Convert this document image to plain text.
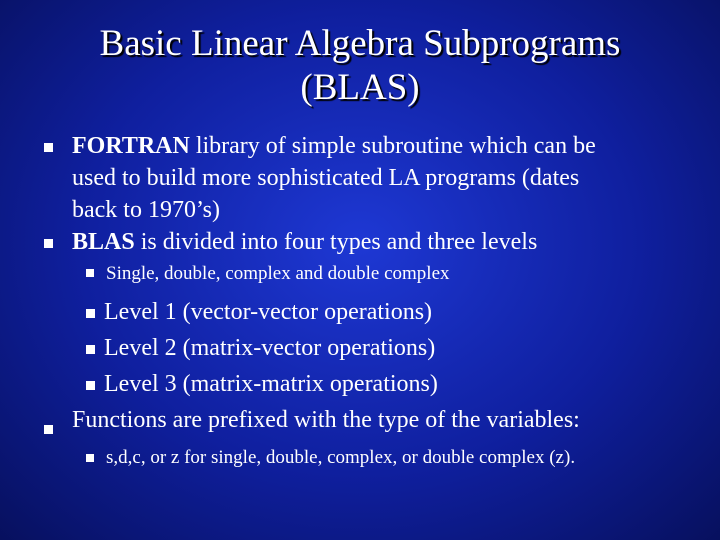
Basic Linear Algebra Subprograms
(BLAS)
FORTRAN library of simple subroutine which can be
used to build more sophisticated LA programs (dates
back to 1970’s)
BLAS is divided into four types and three levels
Single, double, complex and double complex
Level 1 (vector-vector operations)
Level 2 (matrix-vector operations)
Level 3 (matrix-matrix operations)
Functions are prefixed with the type of the variables:
s,d,c, or z for single, double, complex, or double complex (z).
